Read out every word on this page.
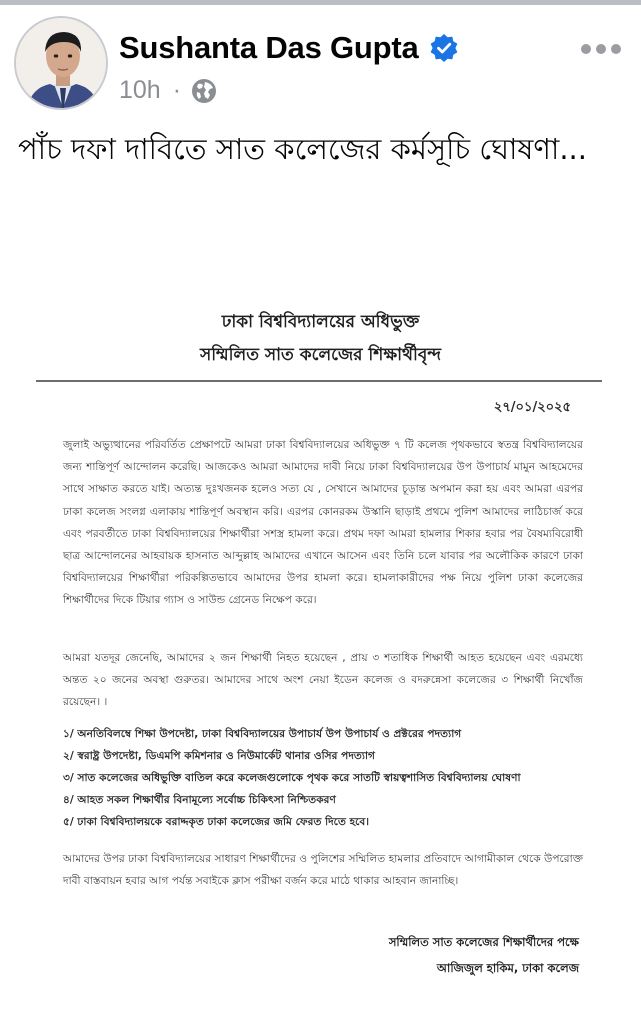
Sushanta Das Gupta
10h ·
পাঁচ দফা দাবিতে সাত কলেজের কর্মসূচি ঘোষণা...
ঢাকা বিশ্ববিদ্যালয়ের অধিভুক্ত
সম্মিলিত সাত কলেজের শিক্ষার্থীবৃন্দ
২৭/০১/২০২৫

জুলাই অভ্যুত্থানের পরিবর্তিত প্রেক্ষাপটে আমরা ঢাকা বিশ্ববিদ্যালয়ের অধিভুক্ত ৭ টি কলেজ পৃথকভাবে স্বতন্ত্র বিশ্ববিদ্যালয়ের জন্য শান্তিপূর্ণ আন্দোলন করেছি। আজকেও আমরা আমাদের দাবী নিয়ে ঢাকা বিশ্ববিদ্যালয়ের উপ উপাচার্য মামুন আহমেদের সাথে সাক্ষাত করতে যাই। অত্যন্ত দুঃখজনক হলেও সত্য যে , সেখানে আমাদের চূড়ান্ত অপমান করা হয় এবং আমরা এরপর ঢাকা কলেজ সংলগ্ন এলাকায় শান্তিপূর্ণ অবস্থান করি। এরপর কোনরকম উস্কানি ছাড়াই প্রথমে পুলিশ আমাদের লাঠিচার্জ করে এবং পরবর্তীতে ঢাকা বিশ্ববিদ্যালয়ের শিক্ষার্থীরা সশস্ত্র হামলা করে। প্রথম দফা আমরা হামলার শিকার হবার পর বৈষম্যবিরোধী ছাত্র আন্দোলনের আহবায়ক হাসনাত আব্দুল্লাহ আমাদের এখানে আসেন এবং তিনি চলে যাবার পর অলৌকিক কারণে ঢাকা বিশ্ববিদ্যালয়ের শিক্ষার্থীরা পরিকল্পিতভাবে আমাদের উপর হামলা করে। হামলাকারীদের পক্ষ নিয়ে পুলিশ ঢাকা কলেজের শিক্ষার্থীদের দিকে টিয়ার গ্যাস ও সাউন্ড গ্রেনেড নিক্ষেপ করে।

আমরা যতদূর জেনেছি, আমাদের ২ জন শিক্ষার্থী নিহত হয়েছেন , প্রায় ৩ শতাধিক শিক্ষার্থী আহত হয়েছেন এবং এরমধ্যে অন্তত ২০ জনের অবস্থা গুরুতর। আমাদের সাথে অংশ নেয়া ইডেন কলেজ ও বদরুন্নেসা কলেজের ৩ শিক্ষার্থী নিখোঁজ রয়েছেন। ।

১/ অনতিবিলম্বে শিক্ষা উপদেষ্টা, ঢাকা বিশ্ববিদ্যালয়ের উপাচার্য উপ উপাচার্য ও প্রক্টরের পদত্যাগ
২/ স্বরাষ্ট্র উপদেষ্টা, ডিএমপি কমিশনার ও নিউমার্কেট থানার ওসির পদত্যাগ
৩/ সাত কলেজের অধিভুক্তি বাতিল করে কলেজগুলোকে পৃথক করে সাতটি স্বায়ত্বশাসিত বিশ্ববিদ্যালয় ঘোষণা
৪/ আহত সকল শিক্ষার্থীর বিনামূল্যে সর্বোচ্চ চিকিৎসা নিশ্চিতকরণ
৫/ ঢাকা বিশ্ববিদ্যালয়কে বরাদ্দকৃত ঢাকা কলেজের জমি ফেরত দিতে হবে।

আমাদের উপর ঢাকা বিশ্ববিদ্যালয়ের সাধারণ শিক্ষার্থীদের ও পুলিশের সম্মিলিত হামলার প্রতিবাদে আগামীকাল থেকে উপরোক্ত দাবী বাস্তবায়ন হবার আগ পর্যন্ত সবাইকে ক্লাস পরীক্ষা বর্জন করে মাঠে থাকার আহবান জানাচ্ছি।

সম্মিলিত সাত কলেজের শিক্ষার্থীদের পক্ষে
আজিজুল হাকিম, ঢাকা কলেজ
